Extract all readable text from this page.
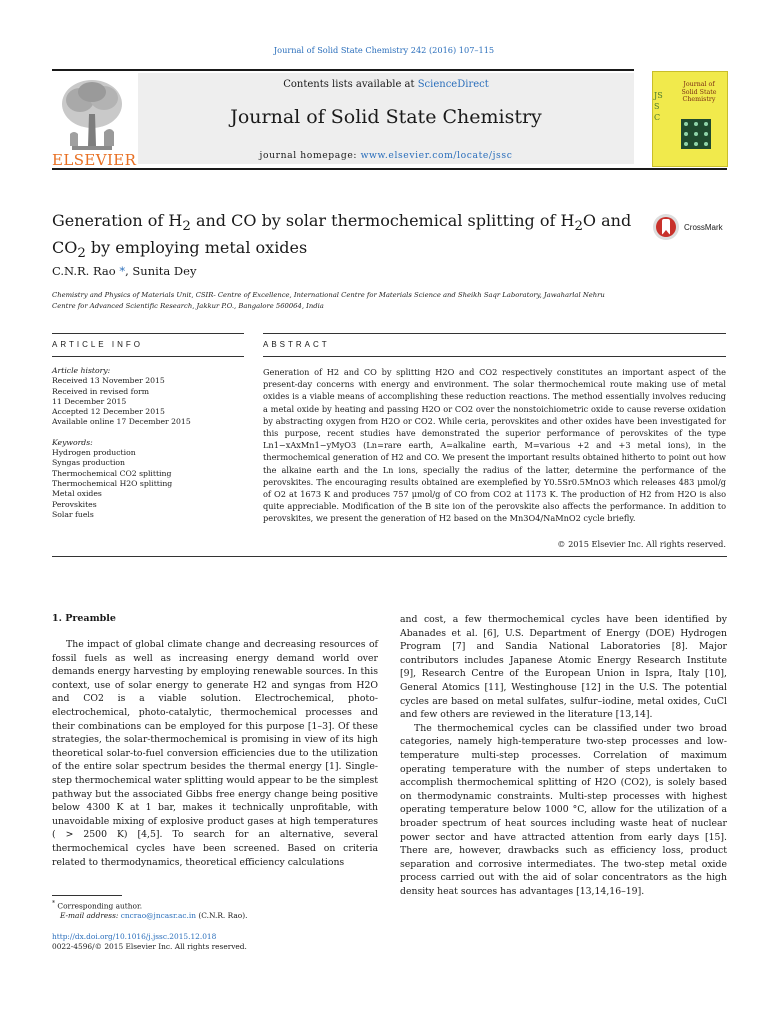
Journal of Solid State Chemistry 242 (2016) 107–115
Contents lists available at ScienceDirect
Journal of Solid State Chemistry
journal homepage: www.elsevier.com/locate/jssc
ELSEVIER
JSSC
Journal of Solid State Chemistry
Generation of $H_2$ and CO by solar thermochemical splitting of $H_2O$ and
$CO_2$ by employing metal oxides
CrossMark
C.N.R. Rao *, Sunita Dey
Chemistry and Physics of Materials Unit, CSIR- Centre of Excellence, International Centre for Materials Science and Sheikh Saqr Laboratory, Jawaharlal Nehru
Centre for Advanced Scientific Research, Jakkur P.O., Bangalore 560064, India
ARTICLE INFO	ABSTRACT
Article history:
Received 13 November 2015
Received in revised form
11 December 2015
Accepted 12 December 2015
Available online 17 December 2015
Keywords:
Hydrogen production
Syngas production
Thermochemical CO2 splitting
Thermochemical H2O splitting
Metal oxides
Perovskites
Solar fuels
Generation of H2 and CO by splitting H2O and CO2 respectively constitutes an important aspect of the present-day concerns with energy and environment. The solar thermochemical route making use of metal oxides is a viable means of accomplishing these reduction reactions. The method essentially involves reducing a metal oxide by heating and passing H2O or CO2 over the nonstoichiometric oxide to cause reverse oxidation by abstracting oxygen from H2O or CO2. While ceria, perovskites and other oxides have been investigated for this purpose, recent studies have demonstrated the superior performance of perovskites of the type Ln1−xAxMn1−yMyO3 (Ln=rare earth, A=alkaline earth, M=various +2 and +3 metal ions), in the thermochemical generation of H2 and CO. We present the important results obtained hitherto to point out how the alkaine earth and the Ln ions, specially the radius of the latter, determine the performance of the perovskites. The encouraging results obtained are exemplefied by Y0.5Sr0.5MnO3 which releases 483 μmol/g of O2 at 1673 K and produces 757 μmol/g of CO from CO2 at 1173 K. The production of H2 from H2O is also quite appreciable. Modification of the B site ion of the perovskite also affects the performance. In addition to perovskites, we present the generation of H2 based on the Mn3O4/NaMnO2 cycle briefly.
© 2015 Elsevier Inc. All rights reserved.
1. Preamble

The impact of global climate change and decreasing resources of fossil fuels as well as increasing energy demand world over demands energy harvesting by employing renewable sources. In this context, use of solar energy to generate H2 and syngas from H2O and CO2 is a viable solution. Electrochemical, photo-electrochemical, photo-catalytic, thermochemical processes and their combinations can be employed for this purpose [1–3]. Of these strategies, the solar-thermochemical is promising in view of its high theoretical solar-to-fuel conversion efficiencies due to the utilization of the entire solar spectrum besides the thermal energy [1]. Single-step thermochemical water splitting would appear to be the simplest pathway but the associated Gibbs free energy change being positive below 4300 K at 1 bar, makes it technically unprofitable, with unavoidable mixing of explosive product gases at high temperatures ( > 2500 K) [4,5]. To search for an alternative, several thermochemical cycles have been screened. Based on criteria related to thermodynamics, theoretical efficiency calculations

and cost, a few thermochemical cycles have been identified by Abanades et al. [6], U.S. Department of Energy (DOE) Hydrogen Program [7] and Sandia National Laboratories [8]. Major contributors includes Japanese Atomic Energy Research Institute [9], Research Centre of the European Union in Ispra, Italy [10], General Atomics [11], Westinghouse [12] in the U.S. The potential cycles are based on metal sulfates, sulfur–iodine, metal oxides, CuCl and few others are reviewed in the literature [13,14].

The thermochemical cycles can be classified under two broad categories, namely high-temperature two-step processes and low-temperature multi-step processes. Correlation of maximum operating temperature with the number of steps undertaken to accomplish thermochemical splitting of H2O (CO2), is solely based on thermodynamic constraints. Multi-step processes with highest operating temperature below 1000 °C, allow for the utilization of a broader spectrum of heat sources including waste heat of nuclear power sector and have attracted attention from early days [15]. There are, however, drawbacks such as efficiency loss, product separation and corrosive intermediates. The two-step metal oxide process carried out with the aid of solar concentrators as the high density heat sources has advantages [13,14,16–19].

* Corresponding author.
E-mail address: cncrao@jncasr.ac.in (C.N.R. Rao).
http://dx.doi.org/10.1016/j.jssc.2015.12.018
0022-4596/© 2015 Elsevier Inc. All rights reserved.
